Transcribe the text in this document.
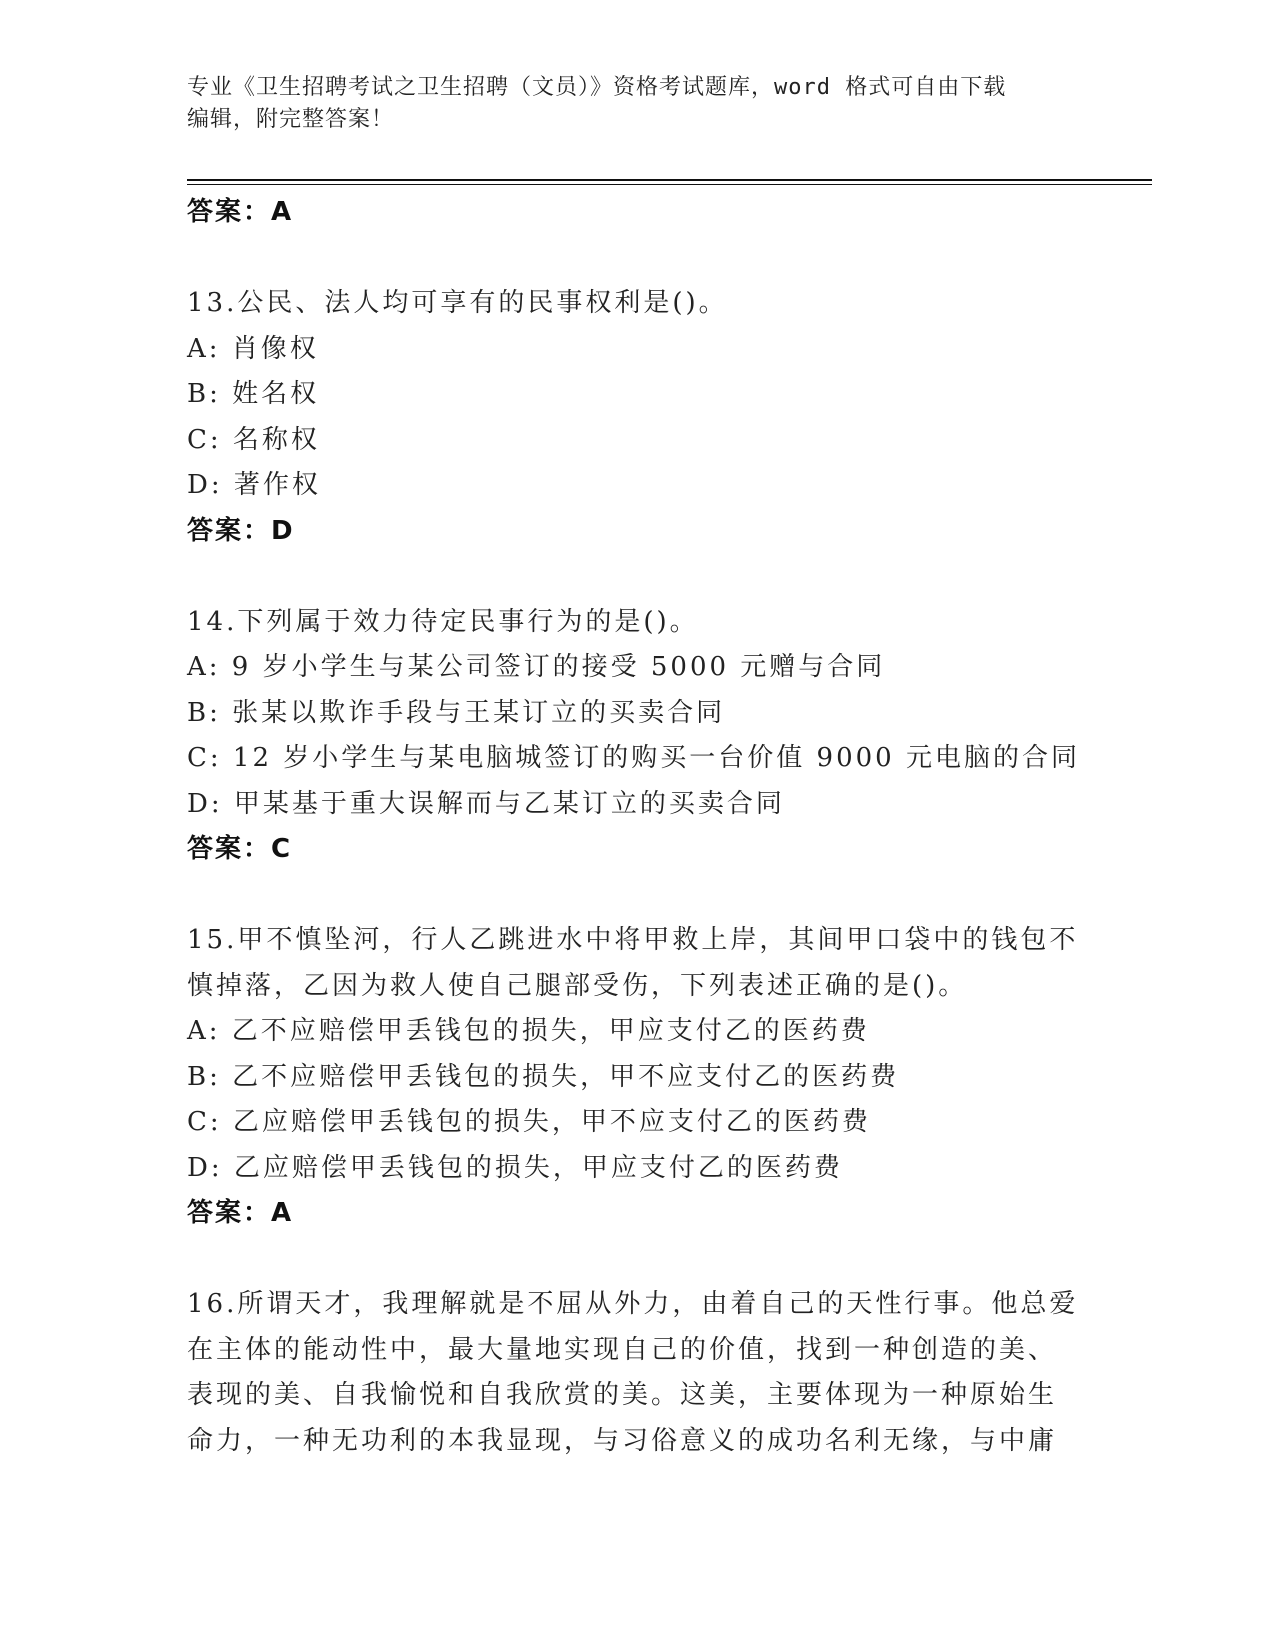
专业《卫生招聘考试之卫生招聘（文员）》资格考试题库，word 格式可自由下载
编辑，附完整答案！
答案：A
13.公民、法人均可享有的民事权利是()。
A: 肖像权
B: 姓名权
C: 名称权
D: 著作权
答案：D
14.下列属于效力待定民事行为的是()。
A: 9 岁小学生与某公司签订的接受 5000 元赠与合同
B: 张某以欺诈手段与王某订立的买卖合同
C: 12 岁小学生与某电脑城签订的购买一台价值 9000 元电脑的合同
D: 甲某基于重大误解而与乙某订立的买卖合同
答案：C
15.甲不慎坠河，行人乙跳进水中将甲救上岸，其间甲口袋中的钱包不
慎掉落，乙因为救人使自己腿部受伤，下列表述正确的是()。
A: 乙不应赔偿甲丢钱包的损失，甲应支付乙的医药费
B: 乙不应赔偿甲丢钱包的损失，甲不应支付乙的医药费
C: 乙应赔偿甲丢钱包的损失，甲不应支付乙的医药费
D: 乙应赔偿甲丢钱包的损失，甲应支付乙的医药费
答案：A
16.所谓天才，我理解就是不屈从外力，由着自己的天性行事。他总爱
在主体的能动性中，最大量地实现自己的价值，找到一种创造的美、
表现的美、自我愉悦和自我欣赏的美。这美，主要体现为一种原始生
命力，一种无功利的本我显现，与习俗意义的成功名利无缘，与中庸
